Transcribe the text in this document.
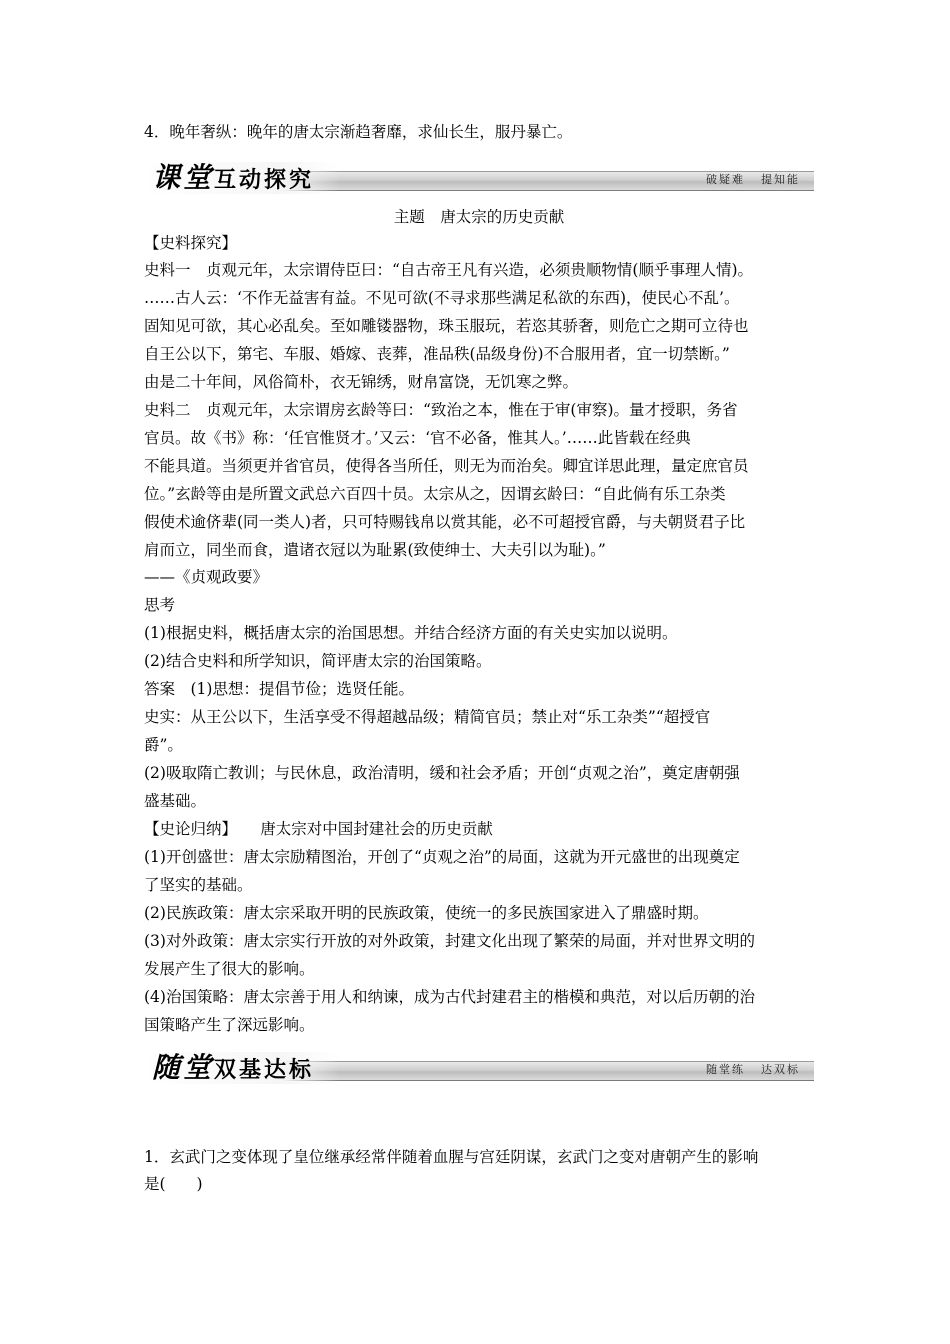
4．晚年奢纵：晚年的唐太宗渐趋奢靡，求仙长生，服丹暴亡。
课堂互动探究	破疑难 提知能
主题　唐太宗的历史贡献
【史料探究】
史料一　贞观元年，太宗谓侍臣曰：“自古帝王凡有兴造，必须贵顺物情(顺乎事理人情)。
……古人云：‘不作无益害有益。不见可欲(不寻求那些满足私欲的东西)，使民心不乱’。
固知见可欲，其心必乱矣。至如雕镂器物，珠玉服玩，若恣其骄奢，则危亡之期可立待也
自王公以下，第宅、车服、婚嫁、丧葬，准品秩(品级身份)不合服用者，宜一切禁断。”
由是二十年间，风俗简朴，衣无锦绣，财帛富饶，无饥寒之弊。
史料二　贞观元年，太宗谓房玄龄等曰：“致治之本，惟在于审(审察)。量才授职，务省
官员。故《书》称：‘任官惟贤才。’又云：‘官不必备，惟其人。’……此皆载在经典
不能具道。当须更并省官员，使得各当所任，则无为而治矣。卿宜详思此理，量定庶官员
位。”玄龄等由是所置文武总六百四十员。太宗从之，因谓玄龄曰：“自此倘有乐工杂类
假使术逾侪辈(同一类人)者，只可特赐钱帛以赏其能，必不可超授官爵，与夫朝贤君子比
肩而立，同坐而食，遣诸衣冠以为耻累(致使绅士、大夫引以为耻)。”
——《贞观政要》
思考
(1)根据史料，概括唐太宗的治国思想。并结合经济方面的有关史实加以说明。
(2)结合史料和所学知识，简评唐太宗的治国策略。
答案　(1)思想：提倡节俭；选贤任能。
史实：从王公以下，生活享受不得超越品级；精简官员；禁止对“乐工杂类”“超授官
爵”。
(2)吸取隋亡教训；与民休息，政治清明，缓和社会矛盾；开创“贞观之治”，奠定唐朝强
盛基础。
【史论归纳】　　唐太宗对中国封建社会的历史贡献
(1)开创盛世：唐太宗励精图治，开创了“贞观之治”的局面，这就为开元盛世的出现奠定
了坚实的基础。
(2)民族政策：唐太宗采取开明的民族政策，使统一的多民族国家进入了鼎盛时期。
(3)对外政策：唐太宗实行开放的对外政策，封建文化出现了繁荣的局面，并对世界文明的
发展产生了很大的影响。
(4)治国策略：唐太宗善于用人和纳谏，成为古代封建君主的楷模和典范，对以后历朝的治
国策略产生了深远影响。
随堂双基达标	随堂练 达双标
1．玄武门之变体现了皇位继承经常伴随着血腥与宫廷阴谋，玄武门之变对唐朝产生的影响
是(　　)
